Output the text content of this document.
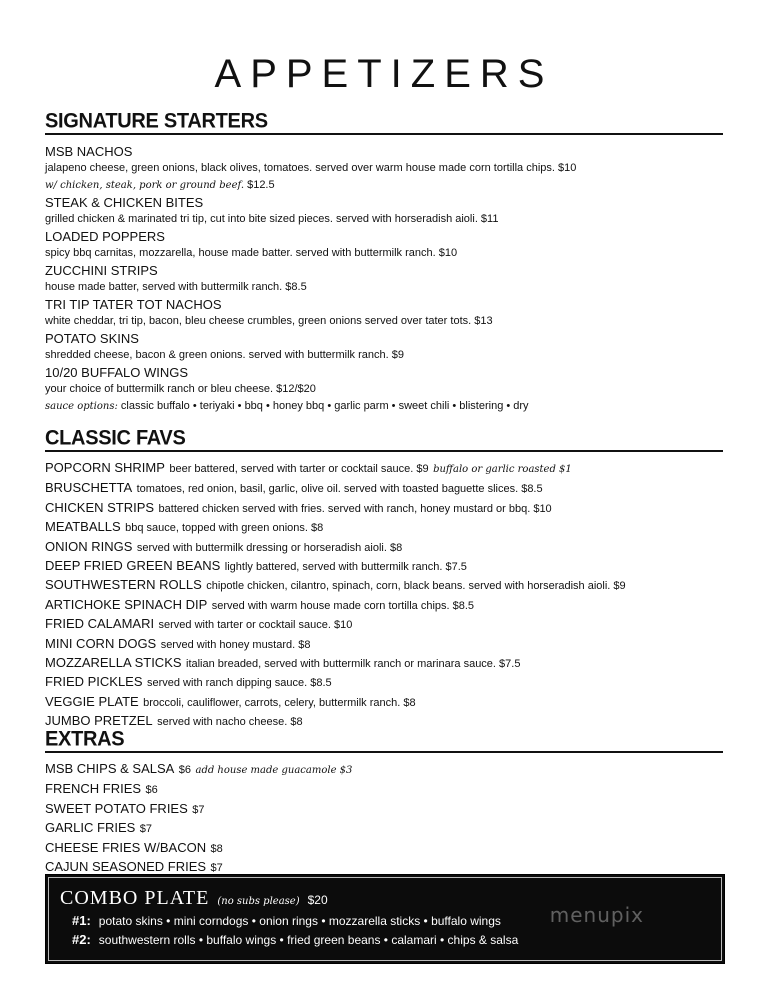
APPETIZERS
SIGNATURE STARTERS
MSB NACHOS
jalapeno cheese, green onions, black olives, tomatoes. served over warm house made corn tortilla chips. $10
w/ chicken, steak, pork or ground beef. $12.5
STEAK & CHICKEN BITES
grilled chicken & marinated tri tip, cut into bite sized pieces. served with horseradish aioli. $11
LOADED POPPERS
spicy bbq carnitas, mozzarella, house made batter. served with buttermilk ranch. $10
ZUCCHINI STRIPS
house made batter, served with buttermilk ranch. $8.5
TRI TIP TATER TOT NACHOS
white cheddar, tri tip, bacon, bleu cheese crumbles, green onions served over tater tots. $13
POTATO SKINS
shredded cheese, bacon & green onions. served with buttermilk ranch. $9
10/20 BUFFALO WINGS
your choice of buttermilk ranch or bleu cheese. $12/$20
sauce options: classic buffalo • teriyaki • bbq • honey bbq • garlic parm • sweet chili • blistering • dry
CLASSIC FAVS
POPCORN SHRIMP beer battered, served with tarter or cocktail sauce. $9 buffalo or garlic roasted $1
BRUSCHETTA tomatoes, red onion, basil, garlic, olive oil. served with toasted baguette slices. $8.5
CHICKEN STRIPS battered chicken served with fries. served with ranch, honey mustard or bbq. $10
MEATBALLS bbq sauce, topped with green onions. $8
ONION RINGS served with buttermilk dressing or horseradish aioli. $8
DEEP FRIED GREEN BEANS lightly battered, served with buttermilk ranch. $7.5
SOUTHWESTERN ROLLS chipotle chicken, cilantro, spinach, corn, black beans. served with horseradish aioli. $9
ARTICHOKE SPINACH DIP served with warm house made corn tortilla chips. $8.5
FRIED CALAMARI served with tarter or cocktail sauce. $10
MINI CORN DOGS served with honey mustard. $8
MOZZARELLA STICKS italian breaded, served with buttermilk ranch or marinara sauce. $7.5
FRIED PICKLES served with ranch dipping sauce. $8.5
VEGGIE PLATE broccoli, cauliflower, carrots, celery, buttermilk ranch. $8
JUMBO PRETZEL served with nacho cheese. $8
EXTRAS
MSB CHIPS & SALSA $6 add house made guacamole $3
FRENCH FRIES $6
SWEET POTATO FRIES $7
GARLIC FRIES $7
CHEESE FRIES W/BACON $8
CAJUN SEASONED FRIES $7
COMBO PLATE (no subs please) $20
menupix
#1: potato skins • mini corndogs • onion rings • mozzarella sticks • buffalo wings
#2: southwestern rolls • buffalo wings • fried green beans • calamari • chips & salsa
